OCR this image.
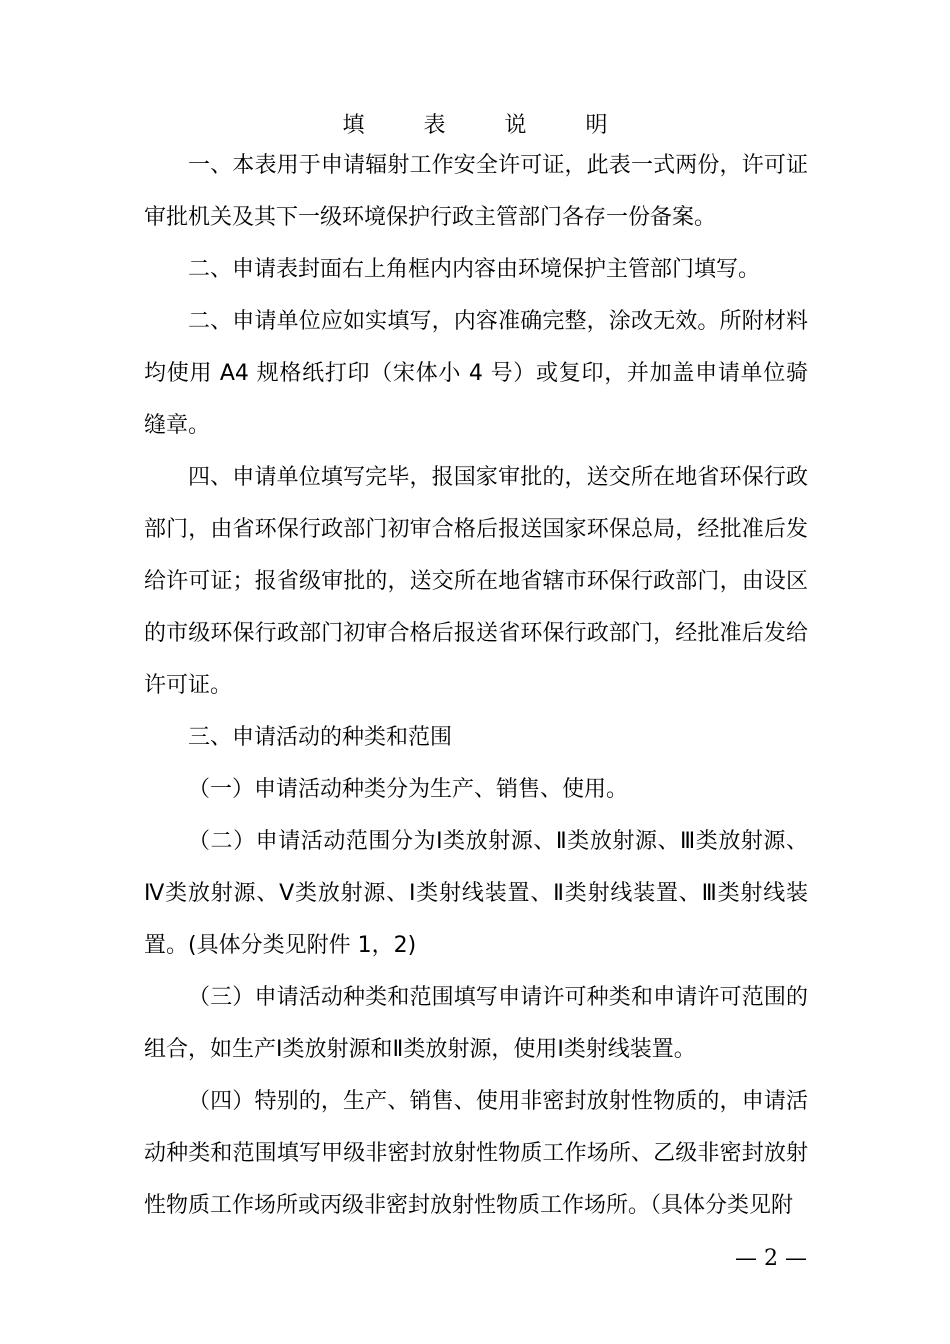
填 表 说 明

一、本表用于申请辐射工作安全许可证，此表一式两份，许可证审批机关及其下一级环境保护行政主管部门各存一份备案。

二、申请表封面右上角框内内容由环境保护主管部门填写。

二、申请单位应如实填写，内容准确完整，涂改无效。所附材料均使用 A4 规格纸打印（宋体小 4 号）或复印，并加盖申请单位骑缝章。

四、申请单位填写完毕，报国家审批的，送交所在地省环保行政部门，由省环保行政部门初审合格后报送国家环保总局，经批准后发给许可证；报省级审批的，送交所在地省辖市环保行政部门，由设区的市级环保行政部门初审合格后报送省环保行政部门，经批准后发给许可证。

三、申请活动的种类和范围

（一）申请活动种类分为生产、销售、使用。

（二）申请活动范围分为Ⅰ类放射源、Ⅱ类放射源、Ⅲ类放射源、Ⅳ类放射源、Ⅴ类放射源、Ⅰ类射线装置、Ⅱ类射线装置、Ⅲ类射线装置。(具体分类见附件 1，2)

（三）申请活动种类和范围填写申请许可种类和申请许可范围的组合，如生产Ⅰ类放射源和Ⅱ类放射源，使用Ⅰ类射线装置。

（四）特别的，生产、销售、使用非密封放射性物质的，申请活动种类和范围填写甲级非密封放射性物质工作场所、乙级非密封放射性物质工作场所或丙级非密封放射性物质工作场所。（具体分类见附

— 2 —
